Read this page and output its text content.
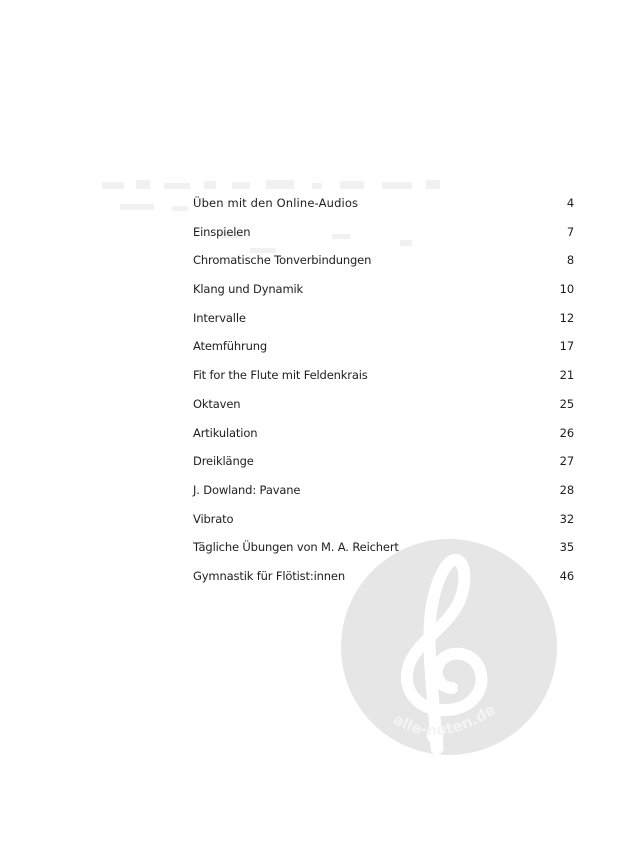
Üben mit den Online-Audios	4
Einspielen	7
Chromatische Tonverbindungen	8
Klang und Dynamik	10
Intervalle	12
Atemführung	17
Fit for the Flute mit Feldenkrais	21
Oktaven	25
Artikulation	26
Dreiklänge	27
J. Dowland: Pavane	28
Vibrato	32
Tägliche Übungen von M. A. Reichert	35
Gymnastik für Flötist:innen	46
alle-noten.de
